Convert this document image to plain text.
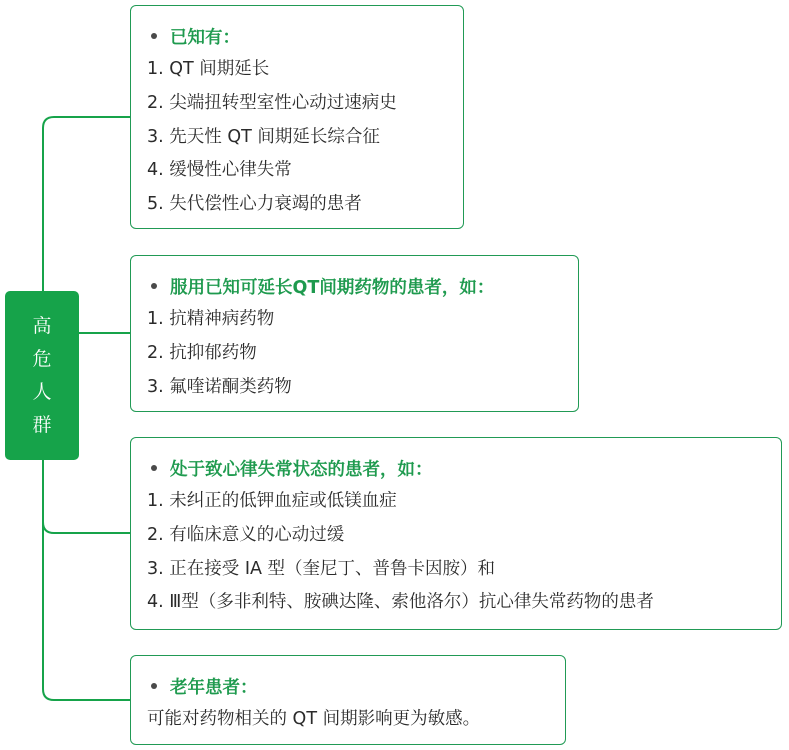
高
危
人
群
已知有：
1. QT 间期延长
2. 尖端扭转型室性心动过速病史
3. 先天性 QT 间期延长综合征
4. 缓慢性心律失常
5. 失代偿性心力衰竭的患者
服用已知可延长QT间期药物的患者，如：
1. 抗精神病药物
2. 抗抑郁药物
3. 氟喹诺酮类药物
处于致心律失常状态的患者，如：
1. 未纠正的低钾血症或低镁血症
2. 有临床意义的心动过缓
3. 正在接受 IA 型（奎尼丁、普鲁卡因胺）和
4. Ⅲ型（多非利特、胺碘达隆、索他洛尔）抗心律失常药物的患者
老年患者：
可能对药物相关的 QT 间期影响更为敏感。
